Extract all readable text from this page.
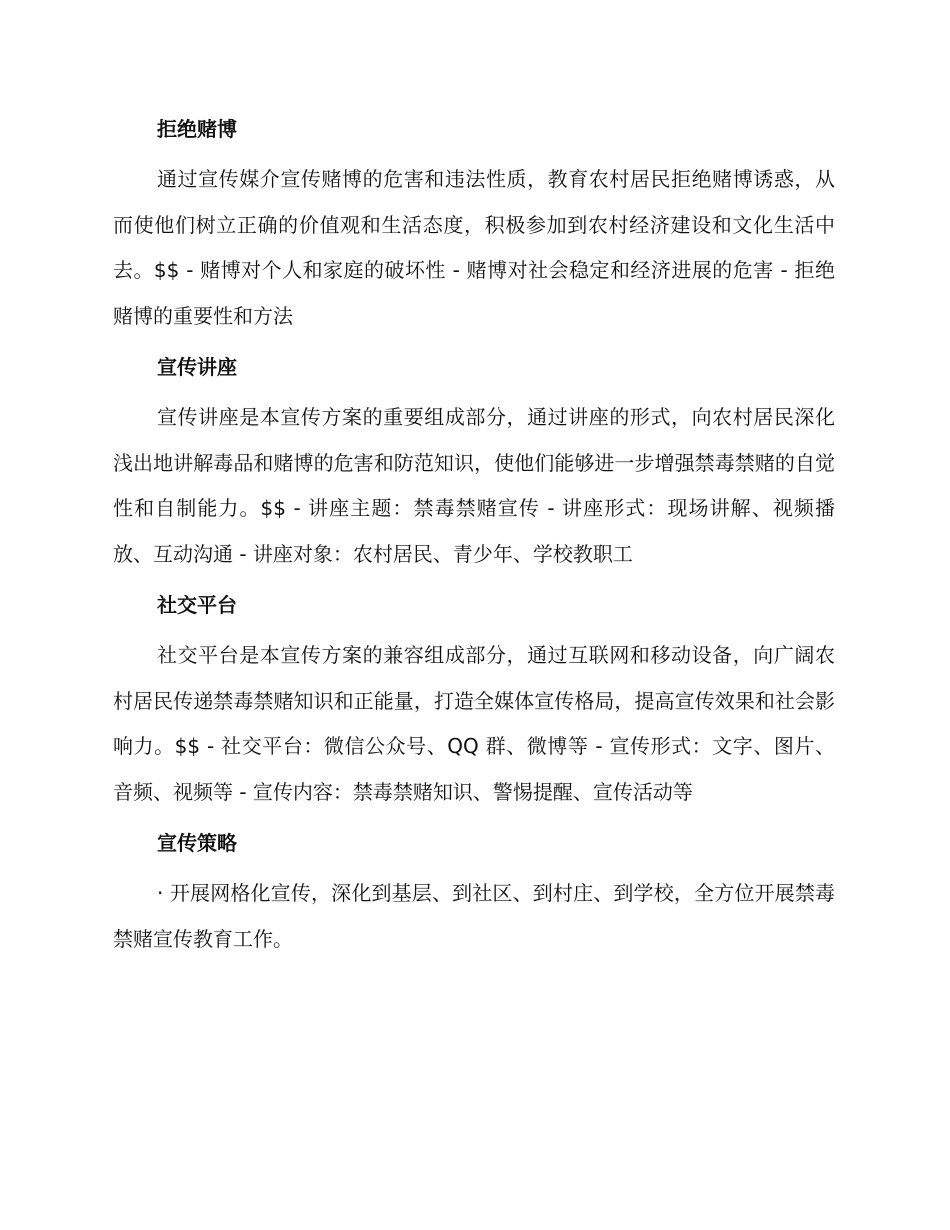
拒绝赌博

通过宣传媒介宣传赌博的危害和违法性质，教育农村居民拒绝赌博诱惑，从而使他们树立正确的价值观和生活态度，积极参加到农村经济建设和文化生活中去。$$ - 赌博对个人和家庭的破坏性 - 赌博对社会稳定和经济进展的危害 - 拒绝赌博的重要性和方法

宣传讲座

宣传讲座是本宣传方案的重要组成部分，通过讲座的形式，向农村居民深化浅出地讲解毒品和赌博的危害和防范知识，使他们能够进一步增强禁毒禁赌的自觉性和自制能力。$$ - 讲座主题：禁毒禁赌宣传 - 讲座形式：现场讲解、视频播放、互动沟通 - 讲座对象：农村居民、青少年、学校教职工

社交平台

社交平台是本宣传方案的兼容组成部分，通过互联网和移动设备，向广阔农村居民传递禁毒禁赌知识和正能量，打造全媒体宣传格局，提高宣传效果和社会影响力。$$ - 社交平台：微信公众号、QQ 群、微博等 - 宣传形式：文字、图片、音频、视频等 - 宣传内容：禁毒禁赌知识、警惕提醒、宣传活动等

宣传策略

· 开展网格化宣传，深化到基层、到社区、到村庄、到学校，全方位开展禁毒禁赌宣传教育工作。
